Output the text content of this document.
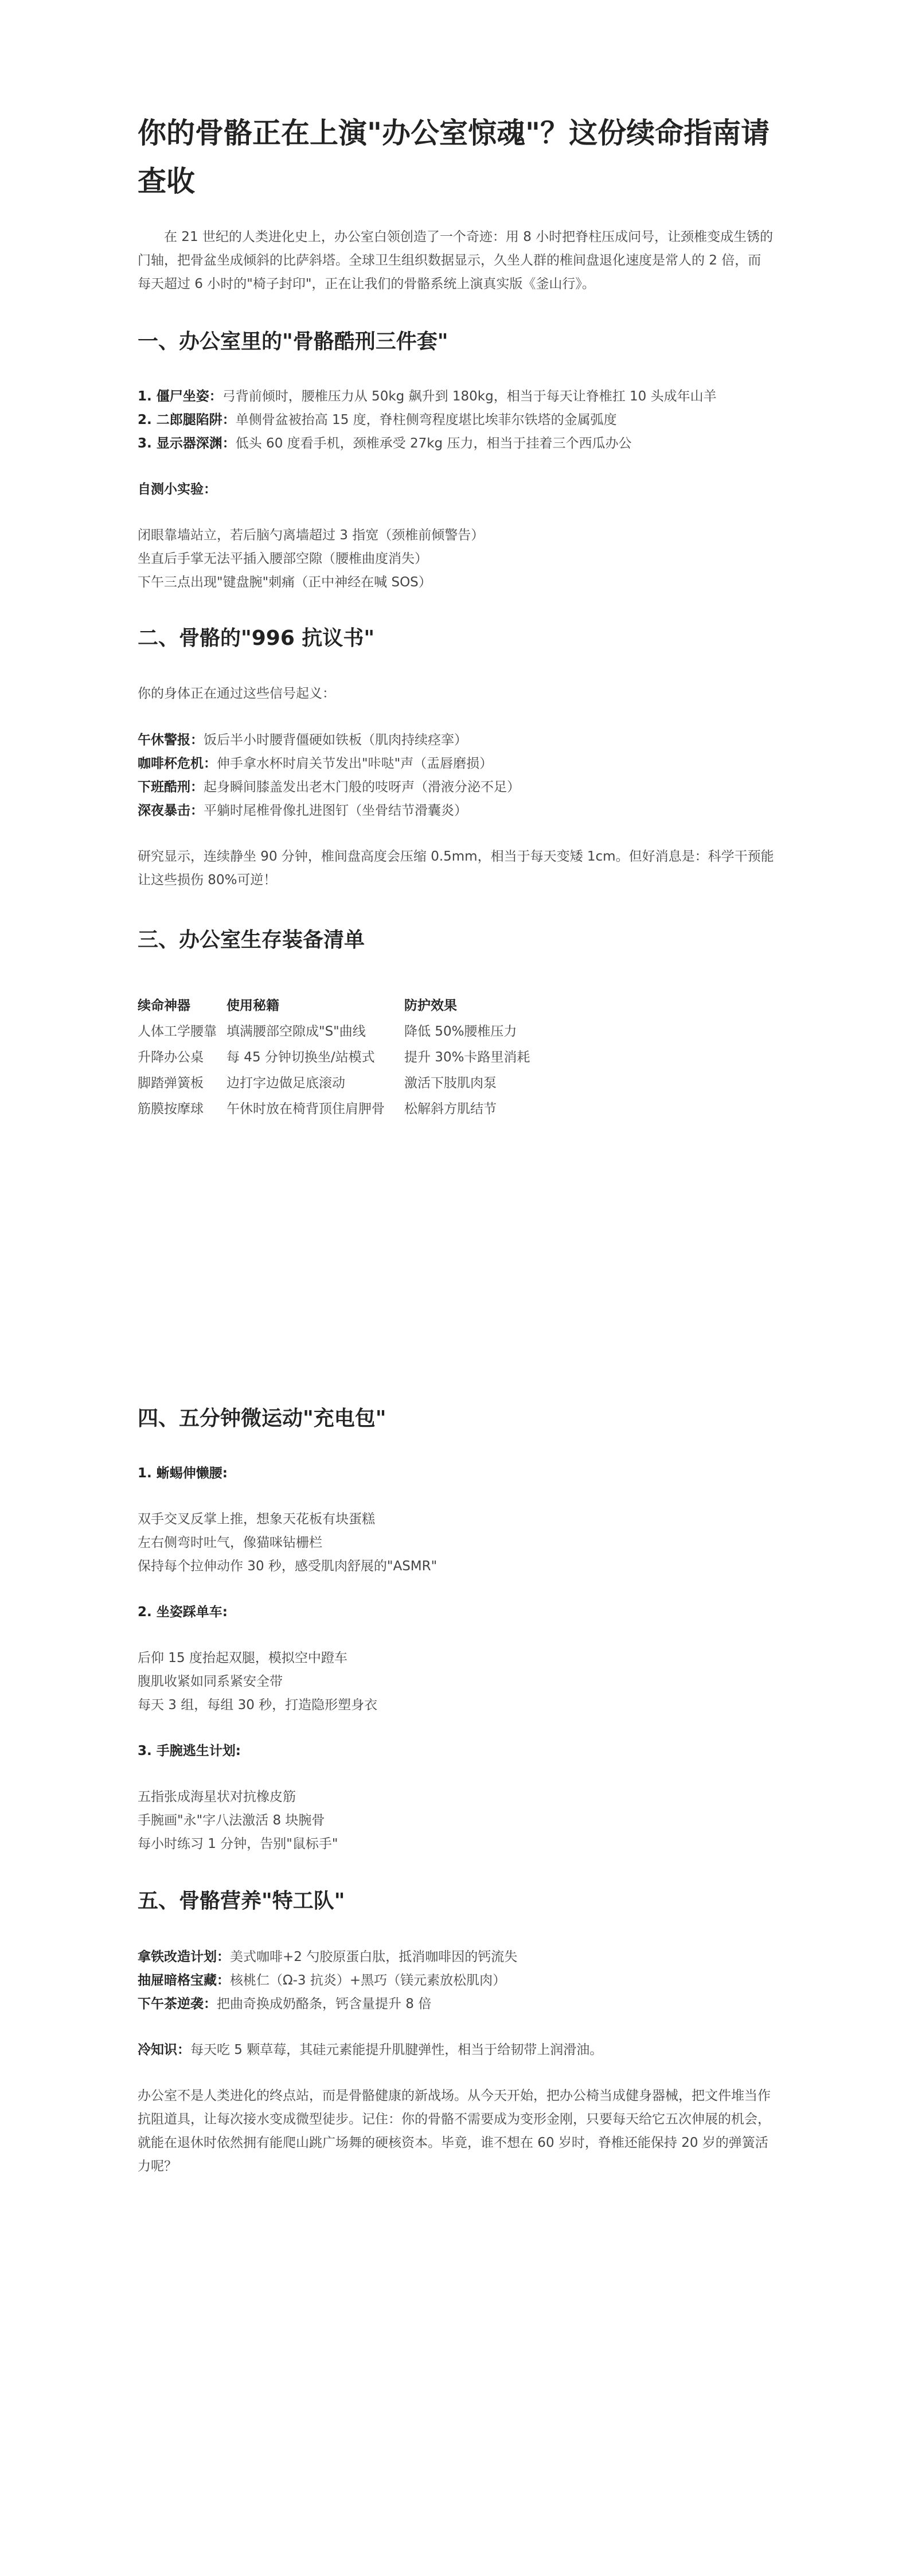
你的骨骼正在上演"办公室惊魂"？这份续命指南请查收

在 21 世纪的人类进化史上，办公室白领创造了一个奇迹：用 8 小时把脊柱压成问号，让颈椎变成生锈的门轴，把骨盆坐成倾斜的比萨斜塔。全球卫生组织数据显示，久坐人群的椎间盘退化速度是常人的 2 倍，而每天超过 6 小时的"椅子封印"，正在让我们的骨骼系统上演真实版《釜山行》。

一、办公室里的"骨骼酷刑三件套"
1. 僵尸坐姿：弓背前倾时，腰椎压力从 50kg 飙升到 180kg，相当于每天让脊椎扛 10 头成年山羊
2. 二郎腿陷阱：单侧骨盆被抬高 15 度，脊柱侧弯程度堪比埃菲尔铁塔的金属弧度
3. 显示器深渊：低头 60 度看手机，颈椎承受 27kg 压力，相当于挂着三个西瓜办公
自测小实验：
闭眼靠墙站立，若后脑勺离墙超过 3 指宽（颈椎前倾警告）
坐直后手掌无法平插入腰部空隙（腰椎曲度消失）
下午三点出现"键盘腕"刺痛（正中神经在喊 SOS）
二、骨骼的"996 抗议书"
你的身体正在通过这些信号起义：
午休警报：饭后半小时腰背僵硬如铁板（肌肉持续痉挛）
咖啡杯危机：伸手拿水杯时肩关节发出"咔哒"声（盂唇磨损）
下班酷刑：起身瞬间膝盖发出老木门般的吱呀声（滑液分泌不足）
深夜暴击：平躺时尾椎骨像扎进图钉（坐骨结节滑囊炎）

研究显示，连续静坐 90 分钟，椎间盘高度会压缩 0.5mm，相当于每天变矮 1cm。但好消息是：科学干预能让这些损伤 80%可逆！

三、办公室生存装备清单
续命神器	使用秘籍	防护效果
人体工学腰靠	填满腰部空隙成"S"曲线	降低 50%腰椎压力
升降办公桌	每 45 分钟切换坐/站模式	提升 30%卡路里消耗
脚踏弹簧板	边打字边做足底滚动	激活下肢肌肉泵
筋膜按摩球	午休时放在椅背顶住肩胛骨	松解斜方肌结节
四、五分钟微运动"充电包"
1. 蜥蜴伸懒腰:
双手交叉反掌上推，想象天花板有块蛋糕
左右侧弯时吐气，像猫咪钻栅栏
保持每个拉伸动作 30 秒，感受肌肉舒展的"ASMR"
2. 坐姿踩单车:
后仰 15 度抬起双腿，模拟空中蹬车
腹肌收紧如同系紧安全带
每天 3 组，每组 30 秒，打造隐形塑身衣
3. 手腕逃生计划:
五指张成海星状对抗橡皮筋
手腕画"永"字八法激活 8 块腕骨
每小时练习 1 分钟，告别"鼠标手"
五、骨骼营养"特工队"
拿铁改造计划：美式咖啡+2 勺胶原蛋白肽，抵消咖啡因的钙流失
抽屉暗格宝藏：核桃仁（Ω-3 抗炎）+黑巧（镁元素放松肌肉）
下午茶逆袭：把曲奇换成奶酪条，钙含量提升 8 倍
冷知识：每天吃 5 颗草莓，其硅元素能提升肌腱弹性，相当于给韧带上润滑油。

办公室不是人类进化的终点站，而是骨骼健康的新战场。从今天开始，把办公椅当成健身器械，把文件堆当作抗阻道具，让每次接水变成微型徒步。记住：你的骨骼不需要成为变形金刚，只要每天给它五次伸展的机会，就能在退休时依然拥有能爬山跳广场舞的硬核资本。毕竟，谁不想在 60 岁时，脊椎还能保持 20 岁的弹簧活力呢？
